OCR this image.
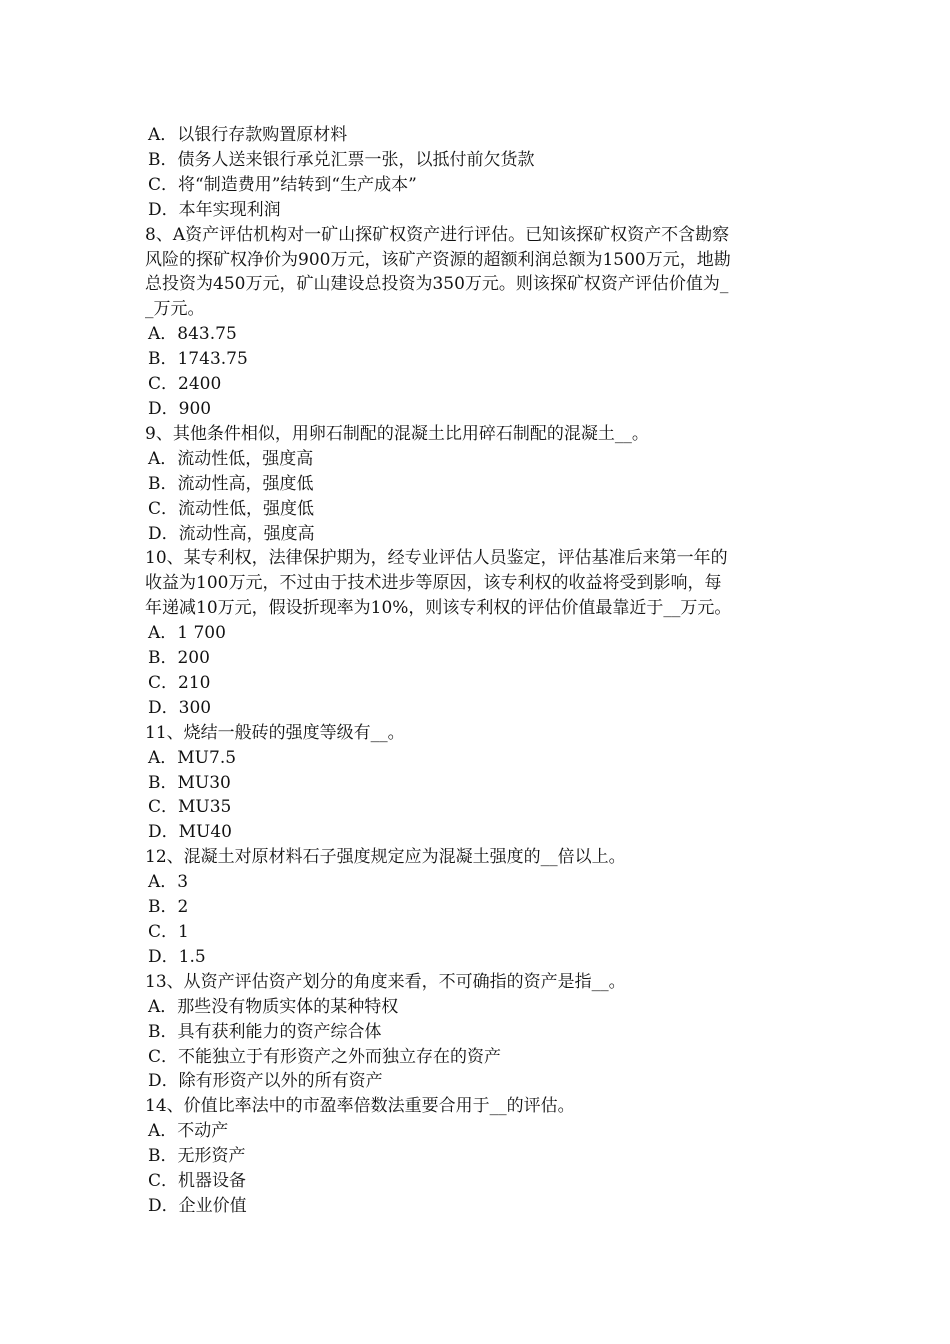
A．以银行存款购置原材料

B．债务人送来银行承兑汇票一张，以抵付前欠货款

C．将“制造费用”结转到“生产成本”

D．本年实现利润

8、A资产评估机构对一矿山探矿权资产进行评估。已知该探矿权资产不含勘察

风险的探矿权净价为900万元，该矿产资源的超额利润总额为1500万元，地勘

总投资为450万元，矿山建设总投资为350万元。则该探矿权资产评估价值为_

_万元。

A．843.75

B．1743.75

C．2400

D．900

9、其他条件相似，用卵石制配的混凝土比用碎石制配的混凝土__。

A．流动性低，强度高

B．流动性高，强度低

C．流动性低，强度低

D．流动性高，强度高

10、某专利权，法律保护期为，经专业评估人员鉴定，评估基准后来第一年的

收益为100万元，不过由于技术进步等原因，该专利权的收益将受到影响，每

年递减10万元，假设折现率为10%，则该专利权的评估价值最靠近于__万元。

A．1 700

B．200

C．210

D．300

11、烧结一般砖的强度等级有__。

A．MU7.5

B．MU30

C．MU35

D．MU40

12、混凝土对原材料石子强度规定应为混凝土强度的__倍以上。

A．3

B．2

C．1

D．1.5

13、从资产评估资产划分的角度来看，不可确指的资产是指__。

A．那些没有物质实体的某种特权

B．具有获利能力的资产综合体

C．不能独立于有形资产之外而独立存在的资产

D．除有形资产以外的所有资产

14、价值比率法中的市盈率倍数法重要合用于__的评估。

A．不动产

B．无形资产

C．机器设备

D．企业价值
